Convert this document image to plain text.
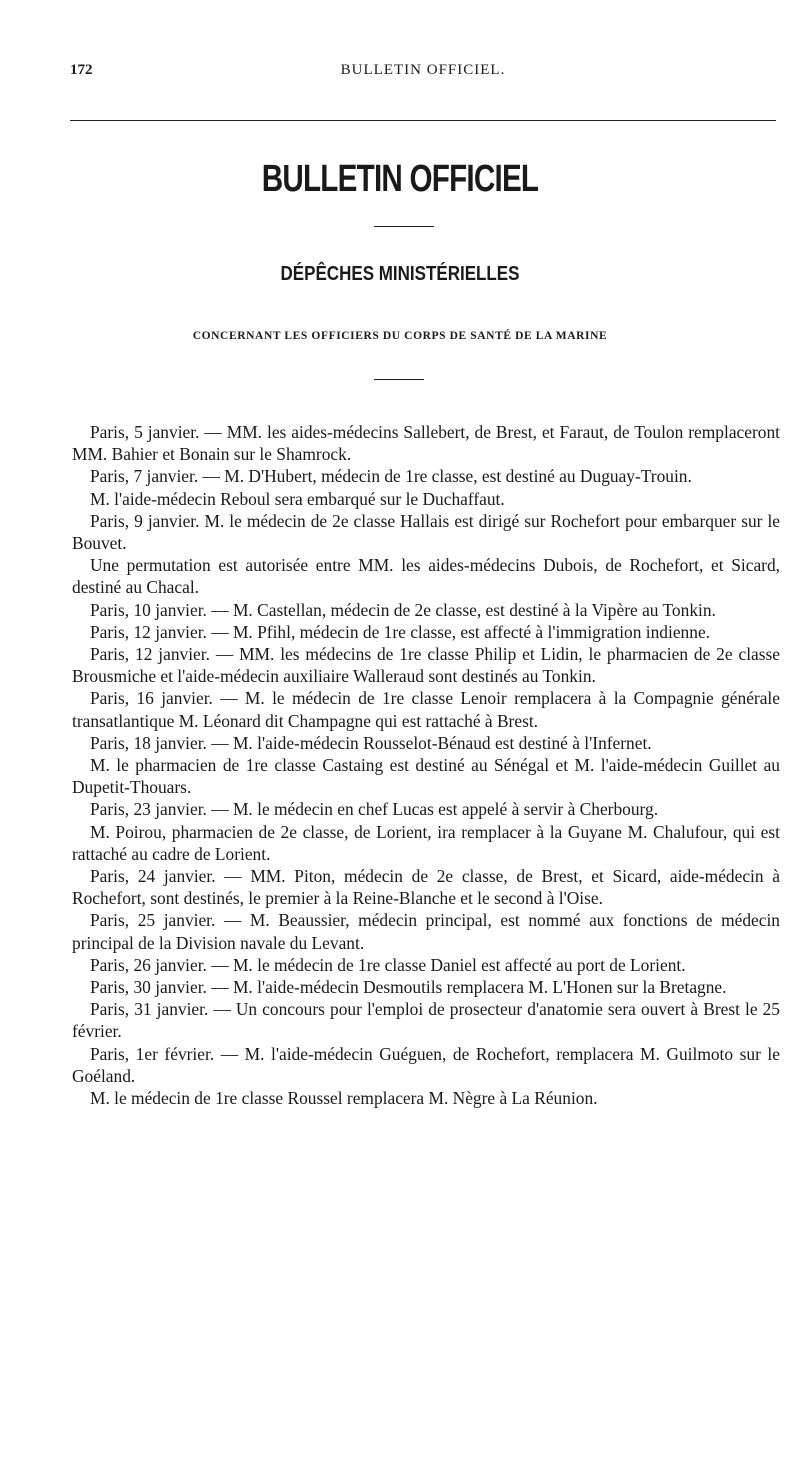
172	BULLETIN OFFICIEL.
BULLETIN OFFICIEL
DÉPÊCHES MINISTÉRIELLES
CONCERNANT LES OFFICIERS DU CORPS DE SANTÉ DE LA MARINE

Paris, 5 janvier. — MM. les aides-médecins Sallebert, de Brest, et Faraut, de Toulon remplaceront MM. Bahier et Bonain sur le Shamrock.

Paris, 7 janvier. — M. D'Hubert, médecin de 1re classe, est destiné au Duguay-Trouin.

M. l'aide-médecin Reboul sera embarqué sur le Duchaffaut.

Paris, 9 janvier. M. le médecin de 2e classe Hallais est dirigé sur Rochefort pour embarquer sur le Bouvet.

Une permutation est autorisée entre MM. les aides-médecins Dubois, de Rochefort, et Sicard, destiné au Chacal.

Paris, 10 janvier. — M. Castellan, médecin de 2e classe, est destiné à la Vipère au Tonkin.

Paris, 12 janvier. — M. Pfihl, médecin de 1re classe, est affecté à l'immigration indienne.

Paris, 12 janvier. — MM. les médecins de 1re classe Philip et Lidin, le pharmacien de 2e classe Brousmiche et l'aide-médecin auxiliaire Walleraud sont destinés au Tonkin.

Paris, 16 janvier. — M. le médecin de 1re classe Lenoir remplacera à la Compagnie générale transatlantique M. Léonard dit Champagne qui est rattaché à Brest.

Paris, 18 janvier. — M. l'aide-médecin Rousselot-Bénaud est destiné à l'Infernet.

M. le pharmacien de 1re classe Castaing est destiné au Sénégal et M. l'aide-médecin Guillet au Dupetit-Thouars.

Paris, 23 janvier. — M. le médecin en chef Lucas est appelé à servir à Cherbourg.

M. Poirou, pharmacien de 2e classe, de Lorient, ira remplacer à la Guyane M. Chalufour, qui est rattaché au cadre de Lorient.

Paris, 24 janvier. — MM. Piton, médecin de 2e classe, de Brest, et Sicard, aide-médecin à Rochefort, sont destinés, le premier à la Reine-Blanche et le second à l'Oise.

Paris, 25 janvier. — M. Beaussier, médecin principal, est nommé aux fonctions de médecin principal de la Division navale du Levant.

Paris, 26 janvier. — M. le médecin de 1re classe Daniel est affecté au port de Lorient.

Paris, 30 janvier. — M. l'aide-médecin Desmoutils remplacera M. L'Honen sur la Bretagne.

Paris, 31 janvier. — Un concours pour l'emploi de prosecteur d'anatomie sera ouvert à Brest le 25 février.

Paris, 1er février. — M. l'aide-médecin Guéguen, de Rochefort, remplacera M. Guilmoto sur le Goéland.

M. le médecin de 1re classe Roussel remplacera M. Nègre à La Réunion.
